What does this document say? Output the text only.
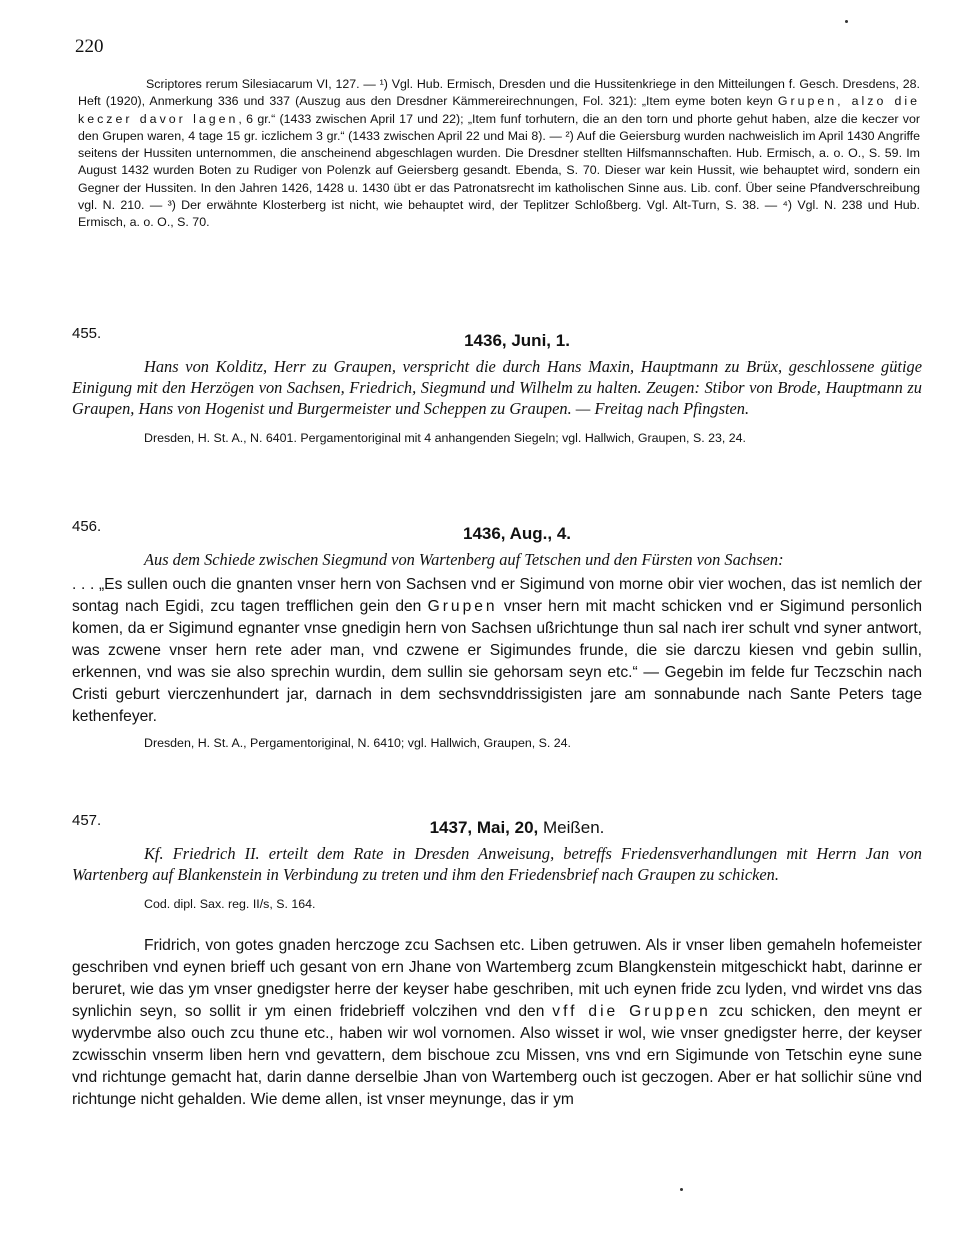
220

Scriptores rerum Silesiacarum VI, 127. — ¹) Vgl. Hub. Ermisch, Dresden und die Hussitenkriege in den Mitteilungen f. Gesch. Dresdens, 28. Heft (1920), Anmerkung 336 und 337 (Auszug aus den Dresdner Kämmereirechnungen, Fol. 321): „Item eyme boten keyn Grupen, alzo die keczer davor lagen, 6 gr.“ (1433 zwischen April 17 und 22); „Item funf torhutern, die an den torn und phorte gehut haben, alze die keczer vor den Grupen waren, 4 tage 15 gr. iczlichem 3 gr.“ (1433 zwischen April 22 und Mai 8). — ²) Auf die Geiersburg wurden nachweislich im April 1430 Angriffe seitens der Hussiten unternommen, die anscheinend abgeschlagen wurden. Die Dresdner stellten Hilfsmannschaften. Hub. Ermisch, a. o. O., S. 59. Im August 1432 wurden Boten zu Rudiger von Polenzk auf Geiersberg gesandt. Ebenda, S. 70. Dieser war kein Hussit, wie behauptet wird, sondern ein Gegner der Hussiten. In den Jahren 1426, 1428 u. 1430 übt er das Patronatsrecht im katholischen Sinne aus. Lib. conf. Über seine Pfandverschreibung vgl. N. 210. — ³) Der erwähnte Klosterberg ist nicht, wie behauptet wird, der Teplitzer Schloßberg. Vgl. Alt-Turn, S. 38. — ⁴) Vgl. N. 238 und Hub. Ermisch, a. o. O., S. 70.

455.	1436, Juni, 1.
Hans von Kolditz, Herr zu Graupen, verspricht die durch Hans Maxin, Hauptmann zu Brüx, geschlossene gütige Einigung mit den Herzögen von Sachsen, Friedrich, Siegmund und Wilhelm zu halten. Zeugen: Stibor von Brode, Hauptmann zu Graupen, Hans von Hogenist und Burgermeister und Scheppen zu Graupen. — Freitag nach Pfingsten.
Dresden, H. St. A., N. 6401. Pergamentoriginal mit 4 anhangenden Siegeln; vgl. Hallwich, Graupen, S. 23, 24.
456.	1436, Aug., 4.
Aus dem Schiede zwischen Siegmund von Wartenberg auf Tetschen und den Fürsten von Sachsen:
. . . „Es sullen ouch die gnanten vnser hern von Sachsen vnd er Sigimund von morne obir vier wochen, das ist nemlich der sontag nach Egidi, zcu tagen trefflichen gein den Grupen vnser hern mit macht schicken vnd er Sigimund personlich komen, da er Sigimund egnanter vnse gnedigin hern von Sachsen ußrichtunge thun sal nach irer schult vnd syner antwort, was zcwene vnser hern rete ader man, vnd czwene er Sigimundes frunde, die sie darczu kiesen vnd gebin sullin, erkennen, vnd was sie also sprechin wurdin, dem sullin sie gehorsam seyn etc.“ — Gegebin im felde fur Teczschin nach Cristi geburt vierczenhundert jar, darnach in dem sechsvnddrissigisten jare am sonnabunde nach Sante Peters tage kethenfeyer.
Dresden, H. St. A., Pergamentoriginal, N. 6410; vgl. Hallwich, Graupen, S. 24.
457.	1437, Mai, 20, Meißen.
Kf. Friedrich II. erteilt dem Rate in Dresden Anweisung, betreffs Friedensverhandlungen mit Herrn Jan von Wartenberg auf Blankenstein in Verbindung zu treten und ihm den Friedensbrief nach Graupen zu schicken.
Cod. dipl. Sax. reg. II/s, S. 164.
Fridrich, von gotes gnaden herczoge zcu Sachsen etc. Liben getruwen. Als ir vnser liben gemaheln hofemeister geschriben vnd eynen brieff uch gesant von ern Jhane von Wartemberg zcum Blangkenstein mitgeschickt habt, darinne er beruret, wie das ym vnser gnedigster herre der keyser habe geschriben, mit uch eynen fride zcu lyden, vnd wirdet vns das synlichin seyn, so sollit ir ym einen fridebrieff volczihen vnd den vff die Gruppen zcu schicken, den meynt er wydervmbe also ouch zcu thune etc., haben wir wol vornomen. Also wisset ir wol, wie vnser gnedigster herre, der keyser zcwisschin vnserm liben hern vnd gevattern, dem bischoue zcu Missen, vns vnd ern Sigimunde von Tetschin eyne sune vnd richtunge gemacht hat, darin danne derselbie Jhan von Wartemberg ouch ist geczogen. Aber er hat sollichir süne vnd richtunge nicht gehalden. Wie deme allen, ist vnser meynunge, das ir ym
